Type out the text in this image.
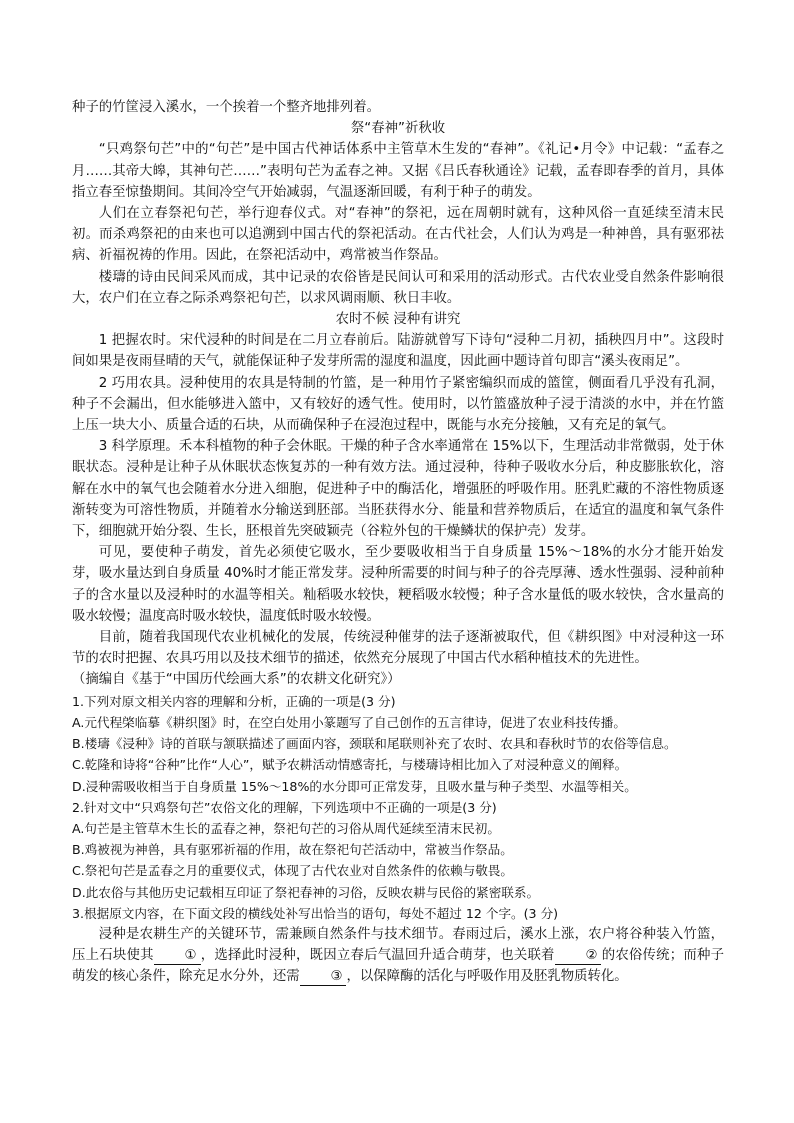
种子的竹筐浸入溪水，一个挨着一个整齐地排列着。

祭“春神”祈秋收

“只鸡祭句芒”中的“句芒”是中国古代神话体系中主管草木生发的“春神”。《礼记•月令》中记载：“孟春之月……其帝大皞，其神句芒……”表明句芒为孟春之神。又据《吕氏春秋通诠》记载，孟春即春季的首月，具体指立春至惊蛰期间。其间冷空气开始减弱，气温逐渐回暖，有利于种子的萌发。

人们在立春祭祀句芒，举行迎春仪式。对“春神”的祭祀，远在周朝时就有，这种风俗一直延续至清末民初。而杀鸡祭祀的由来也可以追溯到中国古代的祭祀活动。在古代社会，人们认为鸡是一种神兽，具有驱邪祛病、祈福祝祷的作用。因此，在祭祀活动中，鸡常被当作祭品。

楼璹的诗由民间采风而成，其中记录的农俗皆是民间认可和采用的活动形式。古代农业受自然条件影响很大，农户们在立春之际杀鸡祭祀句芒，以求风调雨顺、秋日丰收。

农时不候 浸种有讲究

1 把握农时。宋代浸种的时间是在二月立春前后。陆游就曾写下诗句“浸种二月初，插秧四月中”。这段时间如果是夜雨昼晴的天气，就能保证种子发芽所需的湿度和温度，因此画中题诗首句即言“溪头夜雨足”。

2 巧用农具。浸种使用的农具是特制的竹篮，是一种用竹子紧密编织而成的篮筐，侧面看几乎没有孔洞，种子不会漏出，但水能够进入篮中，又有较好的透气性。使用时，以竹篮盛放种子浸于清淡的水中，并在竹篮上压一块大小、质量合适的石块，从而确保种子在浸泡过程中，既能与水充分接触，又有充足的氧气。

3 科学原理。禾本科植物的种子会休眠。干燥的种子含水率通常在 15%以下，生理活动非常微弱，处于休眠状态。浸种是让种子从休眠状态恢复苏的一种有效方法。通过浸种，待种子吸收水分后，种皮膨胀软化，溶解在水中的氧气也会随着水分进入细胞，促进种子中的酶活化，增强胚的呼吸作用。胚乳贮藏的不溶性物质逐渐转变为可溶性物质，并随着水分输送到胚部。当胚获得水分、能量和营养物质后，在适宜的温度和氧气条件下，细胞就开始分裂、生长，胚根首先突破颖壳（谷粒外包的干燥鳞状的保护壳）发芽。

可见，要使种子萌发，首先必须使它吸水，至少要吸收相当于自身质量 15%～18%的水分才能开始发芽，吸水量达到自身质量 40%时才能正常发芽。浸种所需要的时间与种子的谷壳厚薄、透水性强弱、浸种前种子的含水量以及浸种时的水温等相关。籼稻吸水较快，粳稻吸水较慢；种子含水量低的吸水较快，含水量高的吸水较慢；温度高时吸水较快，温度低时吸水较慢。

目前，随着我国现代农业机械化的发展，传统浸种催芽的法子逐渐被取代，但《耕织图》中对浸种这一环节的农时把握、农具巧用以及技术细节的描述，依然充分展现了中国古代水稻种植技术的先进性。

（摘编自《基于“中国历代绘画大系”的农耕文化研究》）

1.下列对原文相关内容的理解和分析，正确的一项是(3 分)

A.元代程棨临摹《耕织图》时，在空白处用小篆题写了自己创作的五言律诗，促进了农业科技传播。

B.楼璹《浸种》诗的首联与颔联描述了画面内容，颈联和尾联则补充了农时、农具和春秋时节的农俗等信息。

C.乾隆和诗将“谷种”比作“人心”，赋予农耕活动情感寄托，与楼璹诗相比加入了对浸种意义的阐释。

D.浸种需吸收相当于自身质量 15%～18%的水分即可正常发芽，且吸水量与种子类型、水温等相关。

2.针对文中“只鸡祭句芒”农俗文化的理解，下列选项中不正确的一项是(3 分)

A.句芒是主管草木生长的孟春之神，祭祀句芒的习俗从周代延续至清末民初。

B.鸡被视为神兽，具有驱邪祈福的作用，故在祭祀句芒活动中，常被当作祭品。

C.祭祀句芒是孟春之月的重要仪式，体现了古代农业对自然条件的依赖与敬畏。

D.此农俗与其他历史记载相互印证了祭祀春神的习俗，反映农耕与民俗的紧密联系。

3.根据原文内容，在下面文段的横线处补写出恰当的语句，每处不超过 12 个字。(3 分)

浸种是农耕生产的关键环节，需兼顾自然条件与技术细节。春雨过后，溪水上涨，农户将谷种装入竹篮，压上石块使其 ① ，选择此时浸种，既因立春后气温回升适合萌芽，也关联着 ② 的农俗传统；而种子萌发的核心条件，除充足水分外，还需 ③ ，以保障酶的活化与呼吸作用及胚乳物质转化。
